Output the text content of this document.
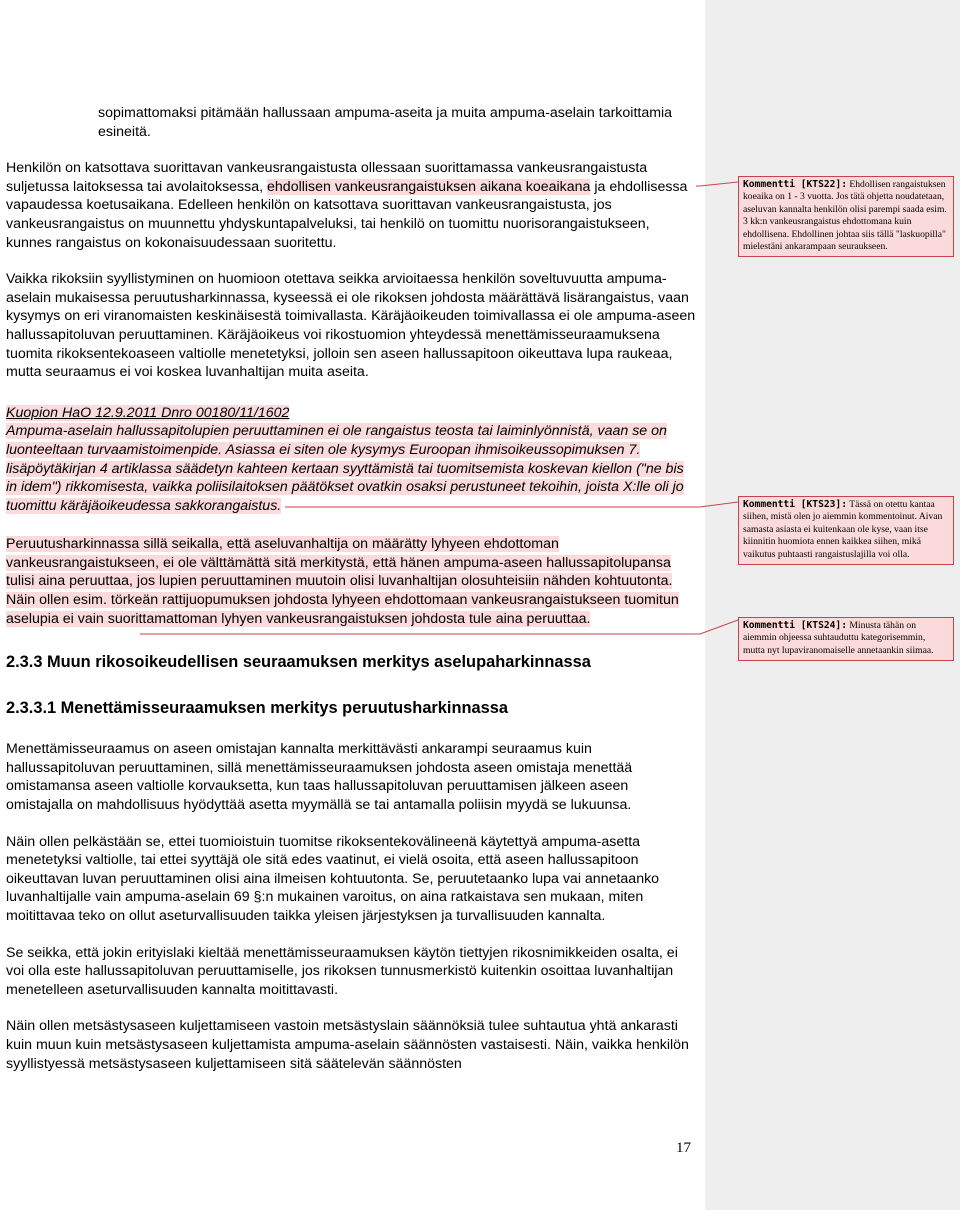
sopimattomaksi pitämään hallussaan ampuma-aseita ja muita ampuma-aselain tarkoittamia esineitä.

Henkilön on katsottava suorittavan vankeusrangaistusta ollessaan suorittamassa vankeusrangaistusta suljetussa laitoksessa tai avolaitoksessa, ehdollisen vankeusrangaistuksen aikana koeaikana ja ehdollisessa vapaudessa koetusaikana. Edelleen henkilön on katsottava suorittavan vankeusrangaistusta, jos vankeusrangaistus on muunnettu yhdyskuntapalveluksi, tai henkilö on tuomittu nuorisorangaistukseen, kunnes rangaistus on kokonaisuudessaan suoritettu.

Vaikka rikoksiin syyllistyminen on huomioon otettava seikka arvioitaessa henkilön soveltuvuutta ampuma-aselain mukaisessa peruutusharkinnassa, kyseessä ei ole rikoksen johdosta määrättävä lisärangaistus, vaan kysymys on eri viranomaisten keskinäisestä toimivallasta. Käräjäoikeuden toimivallassa ei ole ampuma-aseen hallussapitoluvan peruuttaminen. Käräjäoikeus voi rikostuomion yhteydessä menettämisseuraamuksena tuomita rikoksentekoaseen valtiolle menetetyksi, jolloin sen aseen hallussapitoon oikeuttava lupa raukeaa, mutta seuraamus ei voi koskea luvanhaltijan muita aseita.

Kuopion HaO 12.9.2011 Dnro 00180/11/1602

Ampuma-aselain hallussapitolupien peruuttaminen ei ole rangaistus teosta tai laiminlyönnistä, vaan se on luonteeltaan turvaamistoimenpide. Asiassa ei siten ole kysymys Euroopan ihmisoikeussopimuksen 7. lisäpöytäkirjan 4 artiklassa säädetyn kahteen kertaan syyttämistä tai tuomitsemista koskevan kiellon ("ne bis in idem") rikkomisesta, vaikka poliisilaitoksen päätökset ovatkin osaksi perustuneet tekoihin, joista X:lle oli jo tuomittu käräjäoikeudessa sakkorangaistus.

Peruutusharkinnassa sillä seikalla, että aseluvanhaltija on määrätty lyhyeen ehdottoman vankeusrangaistukseen, ei ole välttämättä sitä merkitystä, että hänen ampuma-aseen hallussapitolupansa tulisi aina peruuttaa, jos lupien peruuttaminen muutoin olisi luvanhaltijan olosuhteisiin nähden kohtuutonta. Näin ollen esim. törkeän rattijuopumuksen johdosta lyhyeen ehdottomaan vankeusrangaistukseen tuomitun aselupia ei vain suorittamattoman lyhyen vankeusrangaistuksen johdosta tule aina peruuttaa.

2.3.3 Muun rikosoikeudellisen seuraamuksen merkitys aselupaharkinnassa
2.3.3.1 Menettämisseuraamuksen merkitys peruutusharkinnassa

Menettämisseuraamus on aseen omistajan kannalta merkittävästi ankarampi seuraamus kuin hallussapitoluvan peruuttaminen, sillä menettämisseuraamuksen johdosta aseen omistaja menettää omistamansa aseen valtiolle korvauksetta, kun taas hallussapitoluvan peruuttamisen jälkeen aseen omistajalla on mahdollisuus hyödyttää asetta myymällä se tai antamalla poliisin myydä se lukuunsa.

Näin ollen pelkästään se, ettei tuomioistuin tuomitse rikoksentekovälineenä käytettyä ampuma-asetta menetetyksi valtiolle, tai ettei syyttäjä ole sitä edes vaatinut, ei vielä osoita, että aseen hallussapitoon oikeuttavan luvan peruuttaminen olisi aina ilmeisen kohtuutonta. Se, peruutetaanko lupa vai annetaanko luvanhaltijalle vain ampuma-aselain 69 §:n mukainen varoitus, on aina ratkaistava sen mukaan, miten moitittavaa teko on ollut aseturvallisuuden taikka yleisen järjestyksen ja turvallisuuden kannalta.

Se seikka, että jokin erityislaki kieltää menettämisseuraamuksen käytön tiettyjen rikosnimikkeiden osalta, ei voi olla este hallussapitoluvan peruuttamiselle, jos rikoksen tunnusmerkistö kuitenkin osoittaa luvanhaltijan menetelleen aseturvallisuuden kannalta moitittavasti.

Näin ollen metsästysaseen kuljettamiseen vastoin metsästyslain säännöksiä tulee suhtautua yhtä ankarasti kuin muun kuin metsästysaseen kuljettamista ampuma-aselain säännösten vastaisesti. Näin, vaikka henkilön syyllistyessä metsästysaseen kuljettamiseen sitä säätelevän säännösten

Kommentti [KTS22]: Ehdollisen rangaistuksen koeaika on 1 - 3 vuotta. Jos tätä ohjetta noudatetaan, aseluvan kannalta henkilön olisi parempi saada esim. 3 kk:n vankeusrangaistus ehdottomana kuin ehdollisena. Ehdollinen johtaa siis tällä "laskuopilla" mielestäni ankarampaan seuraukseen.
Kommentti [KTS23]: Tässä on otettu kantaa siihen, mistä olen jo aiemmin kommentoinut. Aivan samasta asiasta ei kuitenkaan ole kyse, vaan itse kiinnitin huomiota ennen kaikkea siihen, mikä vaikutus puhtaasti rangaistuslajilla voi olla.
Kommentti [KTS24]: Minusta tähän on aiemmin ohjeessa suhtauduttu kategorisemmin, mutta nyt lupaviranomaiselle annetaankin siimaa.
17
